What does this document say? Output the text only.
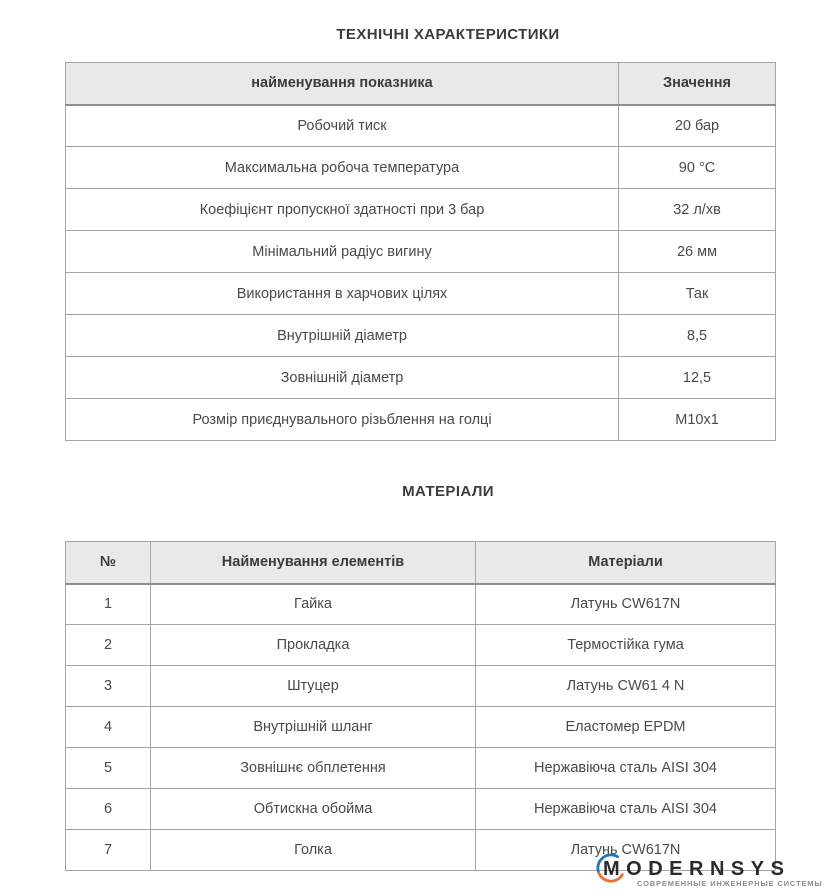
ТЕХНІЧНІ ХАРАКТЕРИСТИКИ
найменування показника	Значення
Робочий тиск	20 бар
Максимальна робоча температура	90 °C
Коефіцієнт пропускної здатності при 3 бар	32 л/хв
Мінімальний радіус вигину	26 мм
Використання в харчових цілях	Так
Внутрішній діаметр	8,5
Зовнішній діаметр	12,5
Розмір приєднувального різьблення на голці	M10x1
МАТЕРІАЛИ
№	Найменування елементів	Матеріали
1	Гайка	Латунь CW617N
2	Прокладка	Термостійка гума
3	Штуцер	Латунь CW61 4 N
4	Внутрішній шланг	Еластомер EPDM
5	Зовнішнє обплетення	Нержавіюча сталь AISI 304
6	Обтискна обойма	Нержавіюча сталь AISI 304
7	Голка	Латунь CW617N
MODERNSYS
СОВРЕМЕННЫЕ ИНЖЕНЕРНЫЕ СИСТЕМЫ
